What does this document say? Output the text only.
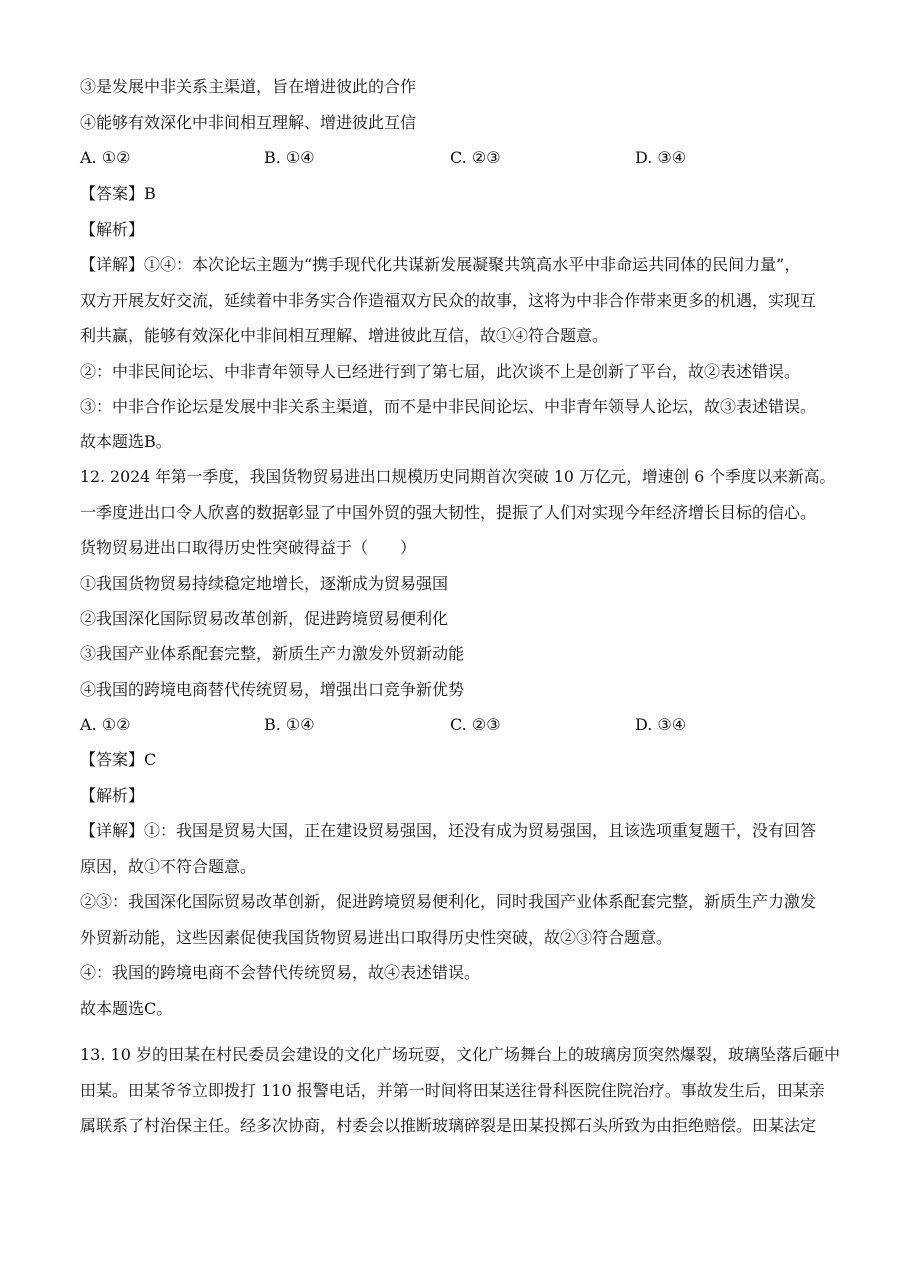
③是发展中非关系主渠道，旨在增进彼此的合作
④能够有效深化中非间相互理解、增进彼此互信
A. ①②	B. ①④	C. ②③	D. ③④
【答案】B
【解析】
【详解】①④：本次论坛主题为“携手现代化共谋新发展凝聚共筑高水平中非命运共同体的民间力量”，
双方开展友好交流，延续着中非务实合作造福双方民众的故事，这将为中非合作带来更多的机遇，实现互
利共赢，能够有效深化中非间相互理解、增进彼此互信，故①④符合题意。
②：中非民间论坛、中非青年领导人已经进行到了第七届，此次谈不上是创新了平台，故②表述错误。
③：中非合作论坛是发展中非关系主渠道，而不是中非民间论坛、中非青年领导人论坛，故③表述错误。
故本题选B。
12. 2024 年第一季度，我国货物贸易进出口规模历史同期首次突破 10 万亿元，增速创 6 个季度以来新高。
一季度进出口令人欣喜的数据彰显了中国外贸的强大韧性，提振了人们对实现今年经济增长目标的信心。
货物贸易进出口取得历史性突破得益于（　　）
①我国货物贸易持续稳定地增长，逐渐成为贸易强国
②我国深化国际贸易改革创新，促进跨境贸易便利化
③我国产业体系配套完整，新质生产力激发外贸新动能
④我国的跨境电商替代传统贸易，增强出口竞争新优势
A. ①②	B. ①④	C. ②③	D. ③④
【答案】C
【解析】
【详解】①：我国是贸易大国，正在建设贸易强国，还没有成为贸易强国，且该选项重复题干，没有回答
原因，故①不符合题意。
②③：我国深化国际贸易改革创新，促进跨境贸易便利化，同时我国产业体系配套完整，新质生产力激发
外贸新动能，这些因素促使我国货物贸易进出口取得历史性突破，故②③符合题意。
④：我国的跨境电商不会替代传统贸易，故④表述错误。
故本题选C。
13. 10 岁的田某在村民委员会建设的文化广场玩耍，文化广场舞台上的玻璃房顶突然爆裂，玻璃坠落后砸中
田某。田某爷爷立即拨打 110 报警电话，并第一时间将田某送往骨科医院住院治疗。事故发生后，田某亲
属联系了村治保主任。经多次协商，村委会以推断玻璃碎裂是田某投掷石头所致为由拒绝赔偿。田某法定
